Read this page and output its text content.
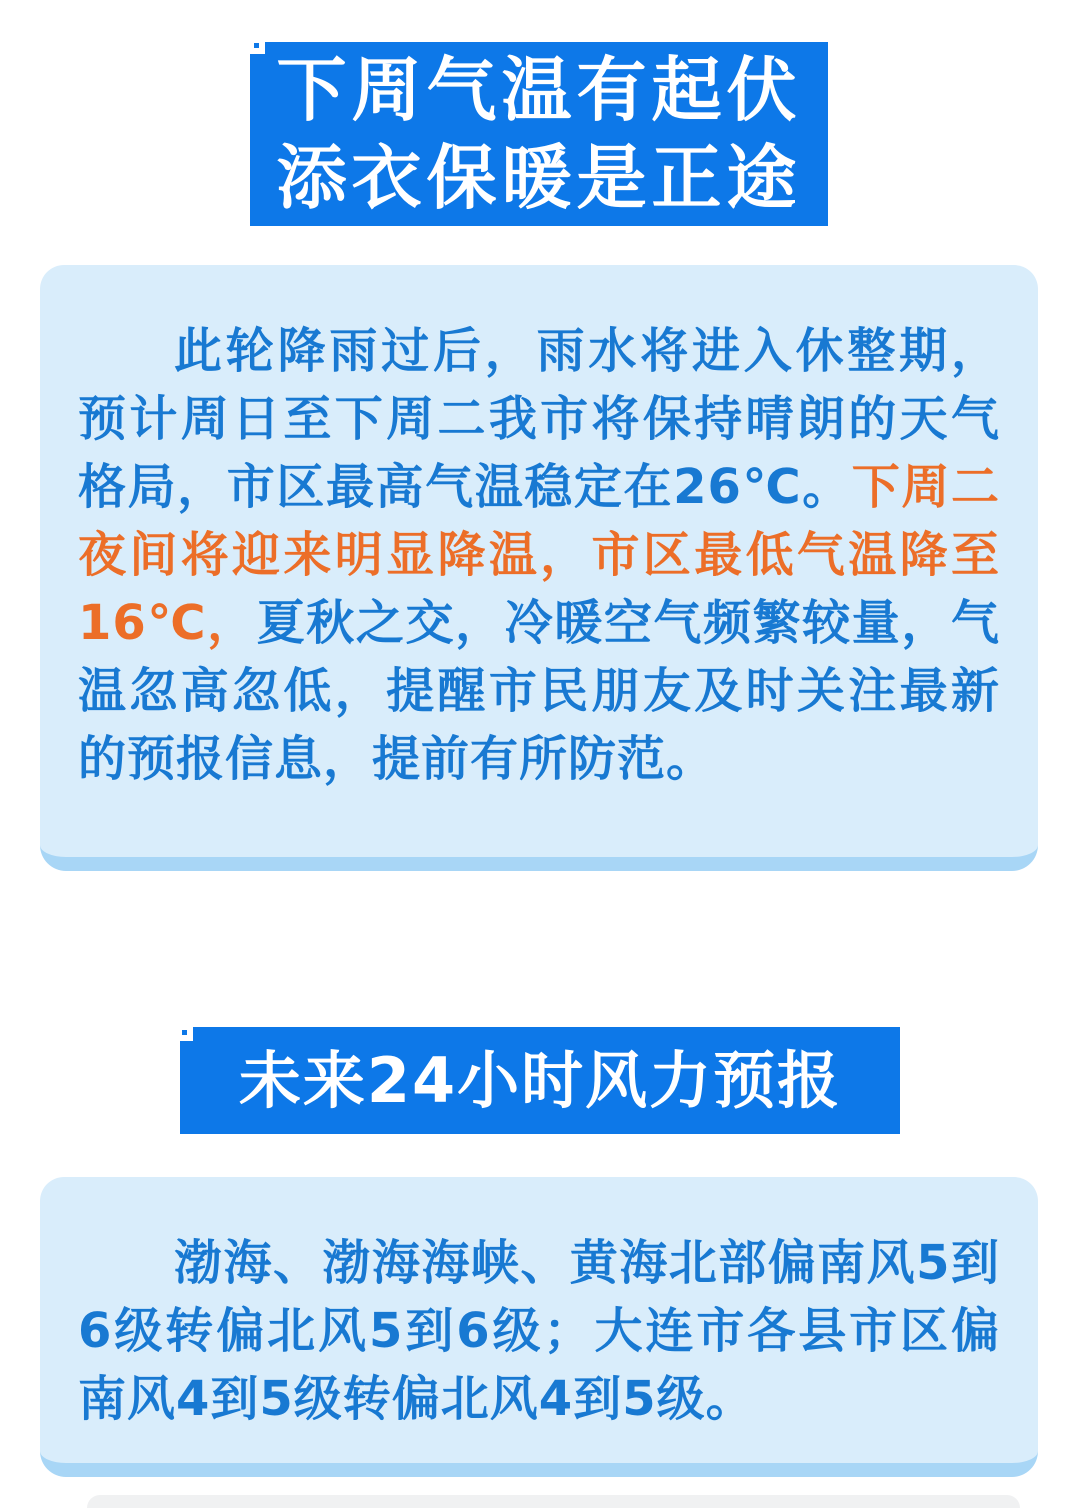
下周气温有起伏
添衣保暖是正途

此轮降雨过后，雨水将进入休整期，预计周日至下周二我市将保持晴朗的天气格局，市区最高气温稳定在26℃。下周二夜间将迎来明显降温，市区最低气温降至16℃，夏秋之交，冷暖空气频繁较量，气温忽高忽低，提醒市民朋友及时关注最新的预报信息，提前有所防范。

未来24小时风力预报

渤海、渤海海峡、黄海北部偏南风5到6级转偏北风5到6级；大连市各县市区偏南风4到5级转偏北风4到5级。
